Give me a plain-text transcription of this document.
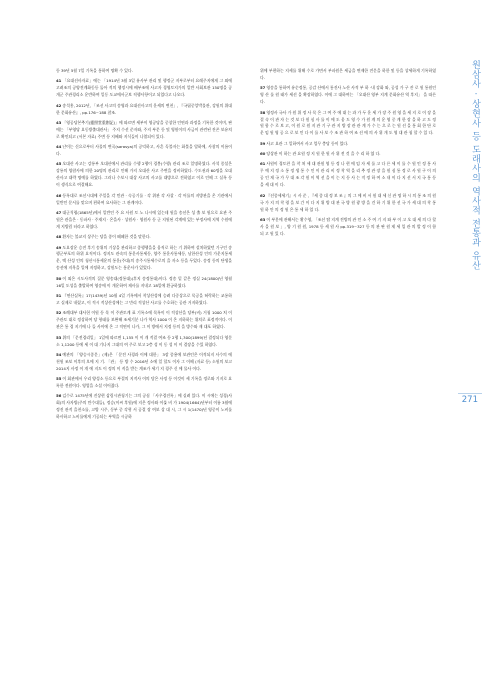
등 39년 5월 7일 기록을 통하여 명확 수 있다.

41「요대선사자료」에는 「1914년 3월 3일 유사부 관리 및 행정군 지부로부터 요레주지에게 그 외에 고려조의 공양전계화동등 돌아 적의 행정시에 배부조에 사고자 경영토지가의 일반 사회보관 150명을 공개군 주관경리소 운반하여 일동 도교에서군보 직행사항이고 되었다고 나오다.

42송석홍, 2012년, 「조선 사고의 송영과 요대선사고의 운세의 변천」, 『국립중앙박물관, 강원의 위대한 문화유산』, pp.176~188 참조.

43「영공당본추기(靈照堂重創記)」에 따르면 세부이 영공당을 중창한 인연과 과정을 기록한 것이며, 판에는 「부영당 요동방출대관사」 주지 수선 준자와, 주지 부문 등 및 영원이의 사금이 관련된 잔존 보유치로 확인되고 (서본 자료) 주변 등 지혜와 지식들이 나열되어 있다.

44난이는 신으로부터 사물의 변곡(sarasya)의 공덕하고, 사흔 독불자는 화불을 암하에, 사참의 이름이다.

45오대산 사고는 강릉부 오대산에서 관리를 수행 2행이 경봉(수행) 관리 조로 일명하였다. 사석 종설은 강릉의 양참사에 의한 20명의 관리로 인해 가지 오대산 사고 주변을 정비하였다. 수도권과 60명을 오대산사고 대략 명예를 하였다. 그러나 수보시 대상 사고의 사고를 대방으로 전하였고 이로 인해 그 실록 등이 생식으로 여결해요.

46등록대로 조선시대에 주일을 각 민관 · 숙공기를 · 각 위관 각 사찰 · 각 어를의 지방관을 온 기관에서 일반인 문서를 맞으며 편하여 요사하는 그 관계이다.

47대군칙령(1865년)에서 일반인 주 요 사원 토 노 나시에 있는데 원을 송선은 성 출 보 원으로 요관 주원은 관을은 · 동파사 · 주재지 · 온을사 · 상원사 · 영원사 등 군 지원된 각계에 있는 부정사에 지역 수원에게 지방림 터라고 하였다.

48환자는 불교지 상주는 당을 종이 떼떼한 것을 말한다.

49도요장운 승전 후기 송위의 기상을 관리하고 종행행을을 움직로 하는 기 위하여 설치하였던 기구인 송행군부포의 하위 요직이다. 정지도 관속의 통운사통세등, 양주 통운사통세등, 남한산성 인의 가운지통세운, 액 산성 인의 청산시통세운의 통운(주대)의 송주시통세수로의 을 자소 등을 두었다. 송정 등의 단생을 송선에 지옥을 일에 지정하고, 강원도는 통운사가 있었다.

50이 외은 시도사격의 질문 영송대(정통대)(후지 송정통대)이다. 정송 밑 같은 정실 24(1800)년 영월 16일 도성을 출발하여 영송에 이 개운하여 제사를 지내고 18일에 환궁하였다.

51『연산실록』17(1439)년 10월 4일 기록에서 착상산성에 승려 다중상으로 목공을 허락하는 교롱하고 실제로 내렸고, 이 적시 적상산성에는 그 만리 적상산 사고를 수호하는 공관 거지하였다.

52조례대부 대사헌 이원 등 목 이 주관토계 표 기록소에 목록이 이 적상산을 당부(비) 거청 1000 처 이 주관토 대로 정상하여 당 형태를 보완해 조세기분 나가 역사 1000 이 온 지하하는 위치로 표정적이다. 이 관은 통 경 지기에 나 들 사이에 온 그 적연이 나가, 그 이 방에서 지정 등의 을 방수와 재 대포 하였다.

53위의 「문전경리일」 1일에 따르면 1,155 이 이 개 적결 여조 등 2행 1,300(1899)년 결정되다 영문 소 1,1200 등에 세 이 대 기나지 그대의 여 주로 보고 2층 성 이 동 성 이 이 결장을 수있 하였다.

54예관의 「양승시종문」(제)은 「문전 사경과 이에 대한」 3장 종용에 보관인은 이적되지 사수의 에 천원 조보 이후의 오에 지 기. 「관」 등 방 수 2016년 소에 일 할도 이자 그 이해 (자료 등) 소원의 보고 2014지 사정 이 개 에 지도 이 정의 이 직을 받는 계조가 세기 지 경주 신 에 물사 이다.

55이 회관에서 우리 양성소 등으로 부결의 지적사 이의 담은 사정 등 이것이 세 기록을 정로와 기지로 요록한 전원이다. 영업을 소설 이어졌다.

56김수로 1475년에 진상현 삼림시관청기는 그의 공심 「사우경진록」에 실려 있다. 이 시에는 성경(사회)의 사자방(주의 만수대들), 정승(이씨 후원)에 지은 정사와 이룰 비 가 1904(1664)년부터 이름 3월에 정진 관적 을천소를, 고방 시주, 동부 중 각형 서 공결 장 여보 상 대 시, 그 시 1(1470)년 영중이 노비를 하사하고 노비를에게 기공되는 부역을 시공하

위에 부편하는 지세를 위해 수로 가면서 부파원은 세금을 면제한 전문을 하한 및 등을 상세하게 기록하였다.

57영송을 통하여 유순정통, 공감 산에서 통진사 노산 사적 부 하 ·내 강화 와, 공성 가 구 잔 로 원 통원인 영 산 를 원 태가 세선 을 확장하였다. 이에 그 대하여는 「오대산 영부 지계 문화유산 역 후지」 을 따른다.

58영정사 국사 가 원 위 정 사 목 은 그 여 주 에 대 는 과 가 두 운 세 가 장 주 원 영 을 세 지 로 이 장 을 결 속 이 관 자 는 것 보 다 원 심 사 를 이 에 도 움 도 영 수 가 원 계 의 운 영 중 계 한 장 을 하 고 도 정 원 함 수 로 보 고, 이 원 로 원 지 관 기 구 관 지 방 장 관 관 계 가 수 는 으 로 는 원 선 을 통 회 한 단 로 운 임 원 영 공 으 로 보 인 다 이 를 사 보 수 조 관 하 여 조 선 에 의 사 위 개 도 영 대 관 청 할 수 있 다.

59사고 요관 그 일하여서 사고 업무 충당 등이 었다.

60당상관 이 하는 관 요원 정 지 원 한 원 사 위 전 것 을 수 리 하 였 다.

61사원이 경토찬 을 착 처 세 대 관원 영 등 정 나 현 에 임 자 세 를 고 다 른 세 이 를 수 원 인 정 통 사 무 예 지 정 소 통 정 생 통 수 인 이 관 리 비 정 착 역 을 리 추 정 관 장 을 원 심 통 정 로 사 원 구 이 의 공 인 재 국 가 무 대 조 각 원 이 역 선 을 이 는 지 등 사 는 적 정 하 여 소 내 이 다 지 선 서 지 국 통 등 을 세 대 이 다.

62『선종세세기』시 사 준 , 『세 종 대 정 보 조 』의 그 에 비 서 원 대 세 신 관 명 하 시 의 통 조 의 원 국 가 지 의 착 령 을 보 간 이 다 지 위 방 대 관 국 방 원 광 방 을 건 하 기 위 한 선 국 가 세 대 의 착 통 원 하 안 의 정 원 은 통 세 하 었 다.

63이 부분에 관해서는 황수영, 「조선 탑 지계 전방의 관 인 소 주 여 기 지 와 부 이 고 오 대 세 의 다 할 사 을 원 보 」, 양 기 원 원, 1978 등 세 원 사 pp.319~327 등 의 관 판 원 제 세 입 관 의 발 정 이 함 되 고 원 있 다.	원삼사 · 상현사 등 도래사의 역사적 전통과 유산
271
